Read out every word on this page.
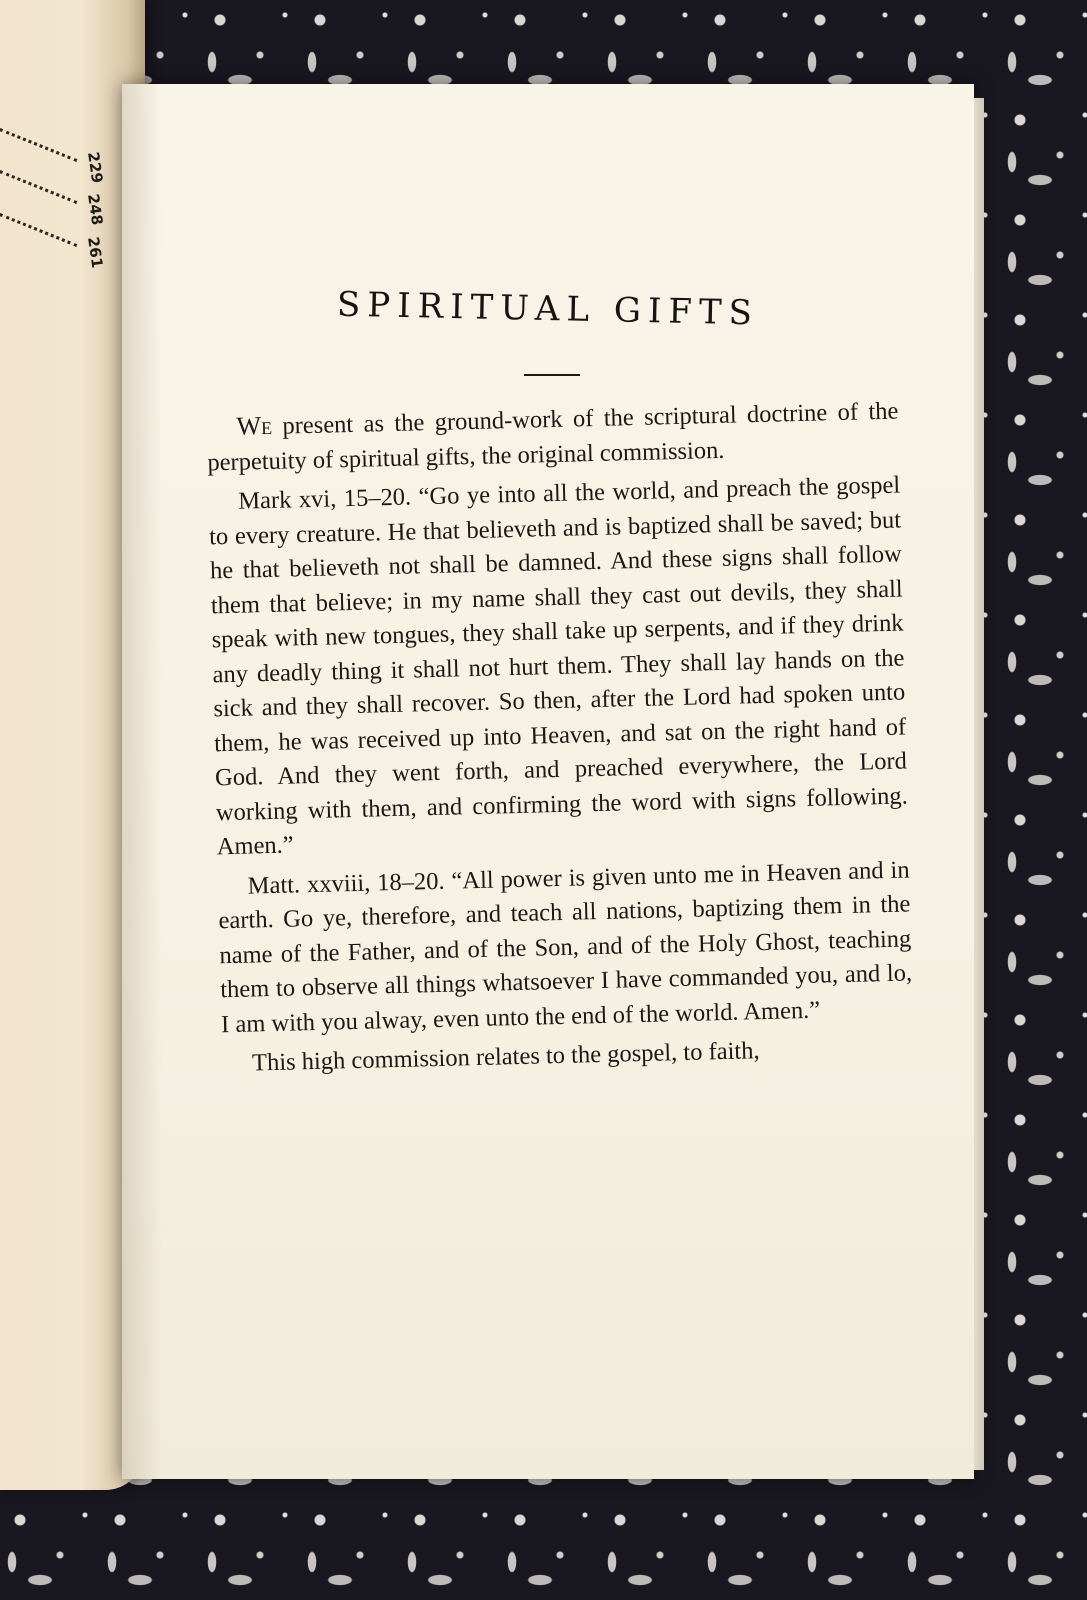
229
248
261
SPIRITUAL GIFTS

We present as the ground-work of the scriptural doctrine of the perpetuity of spiritual gifts, the original commission.

Mark xvi, 15–20. “Go ye into all the world, and preach the gospel to every creature. He that believeth and is baptized shall be saved; but he that believeth not shall be damned. And these signs shall follow them that believe; in my name shall they cast out devils, they shall speak with new tongues, they shall take up serpents, and if they drink any deadly thing it shall not hurt them. They shall lay hands on the sick and they shall recover. So then, after the Lord had spoken unto them, he was received up into Heaven, and sat on the right hand of God. And they went forth, and preached everywhere, the Lord working with them, and confirming the word with signs following. Amen.”

Matt. xxviii, 18–20. “All power is given unto me in Heaven and in earth. Go ye, therefore, and teach all nations, baptizing them in the name of the Father, and of the Son, and of the Holy Ghost, teaching them to observe all things whatsoever I have commanded you, and lo, I am with you alway, even unto the end of the world. Amen.”

This high commission relates to the gospel, to faith,
